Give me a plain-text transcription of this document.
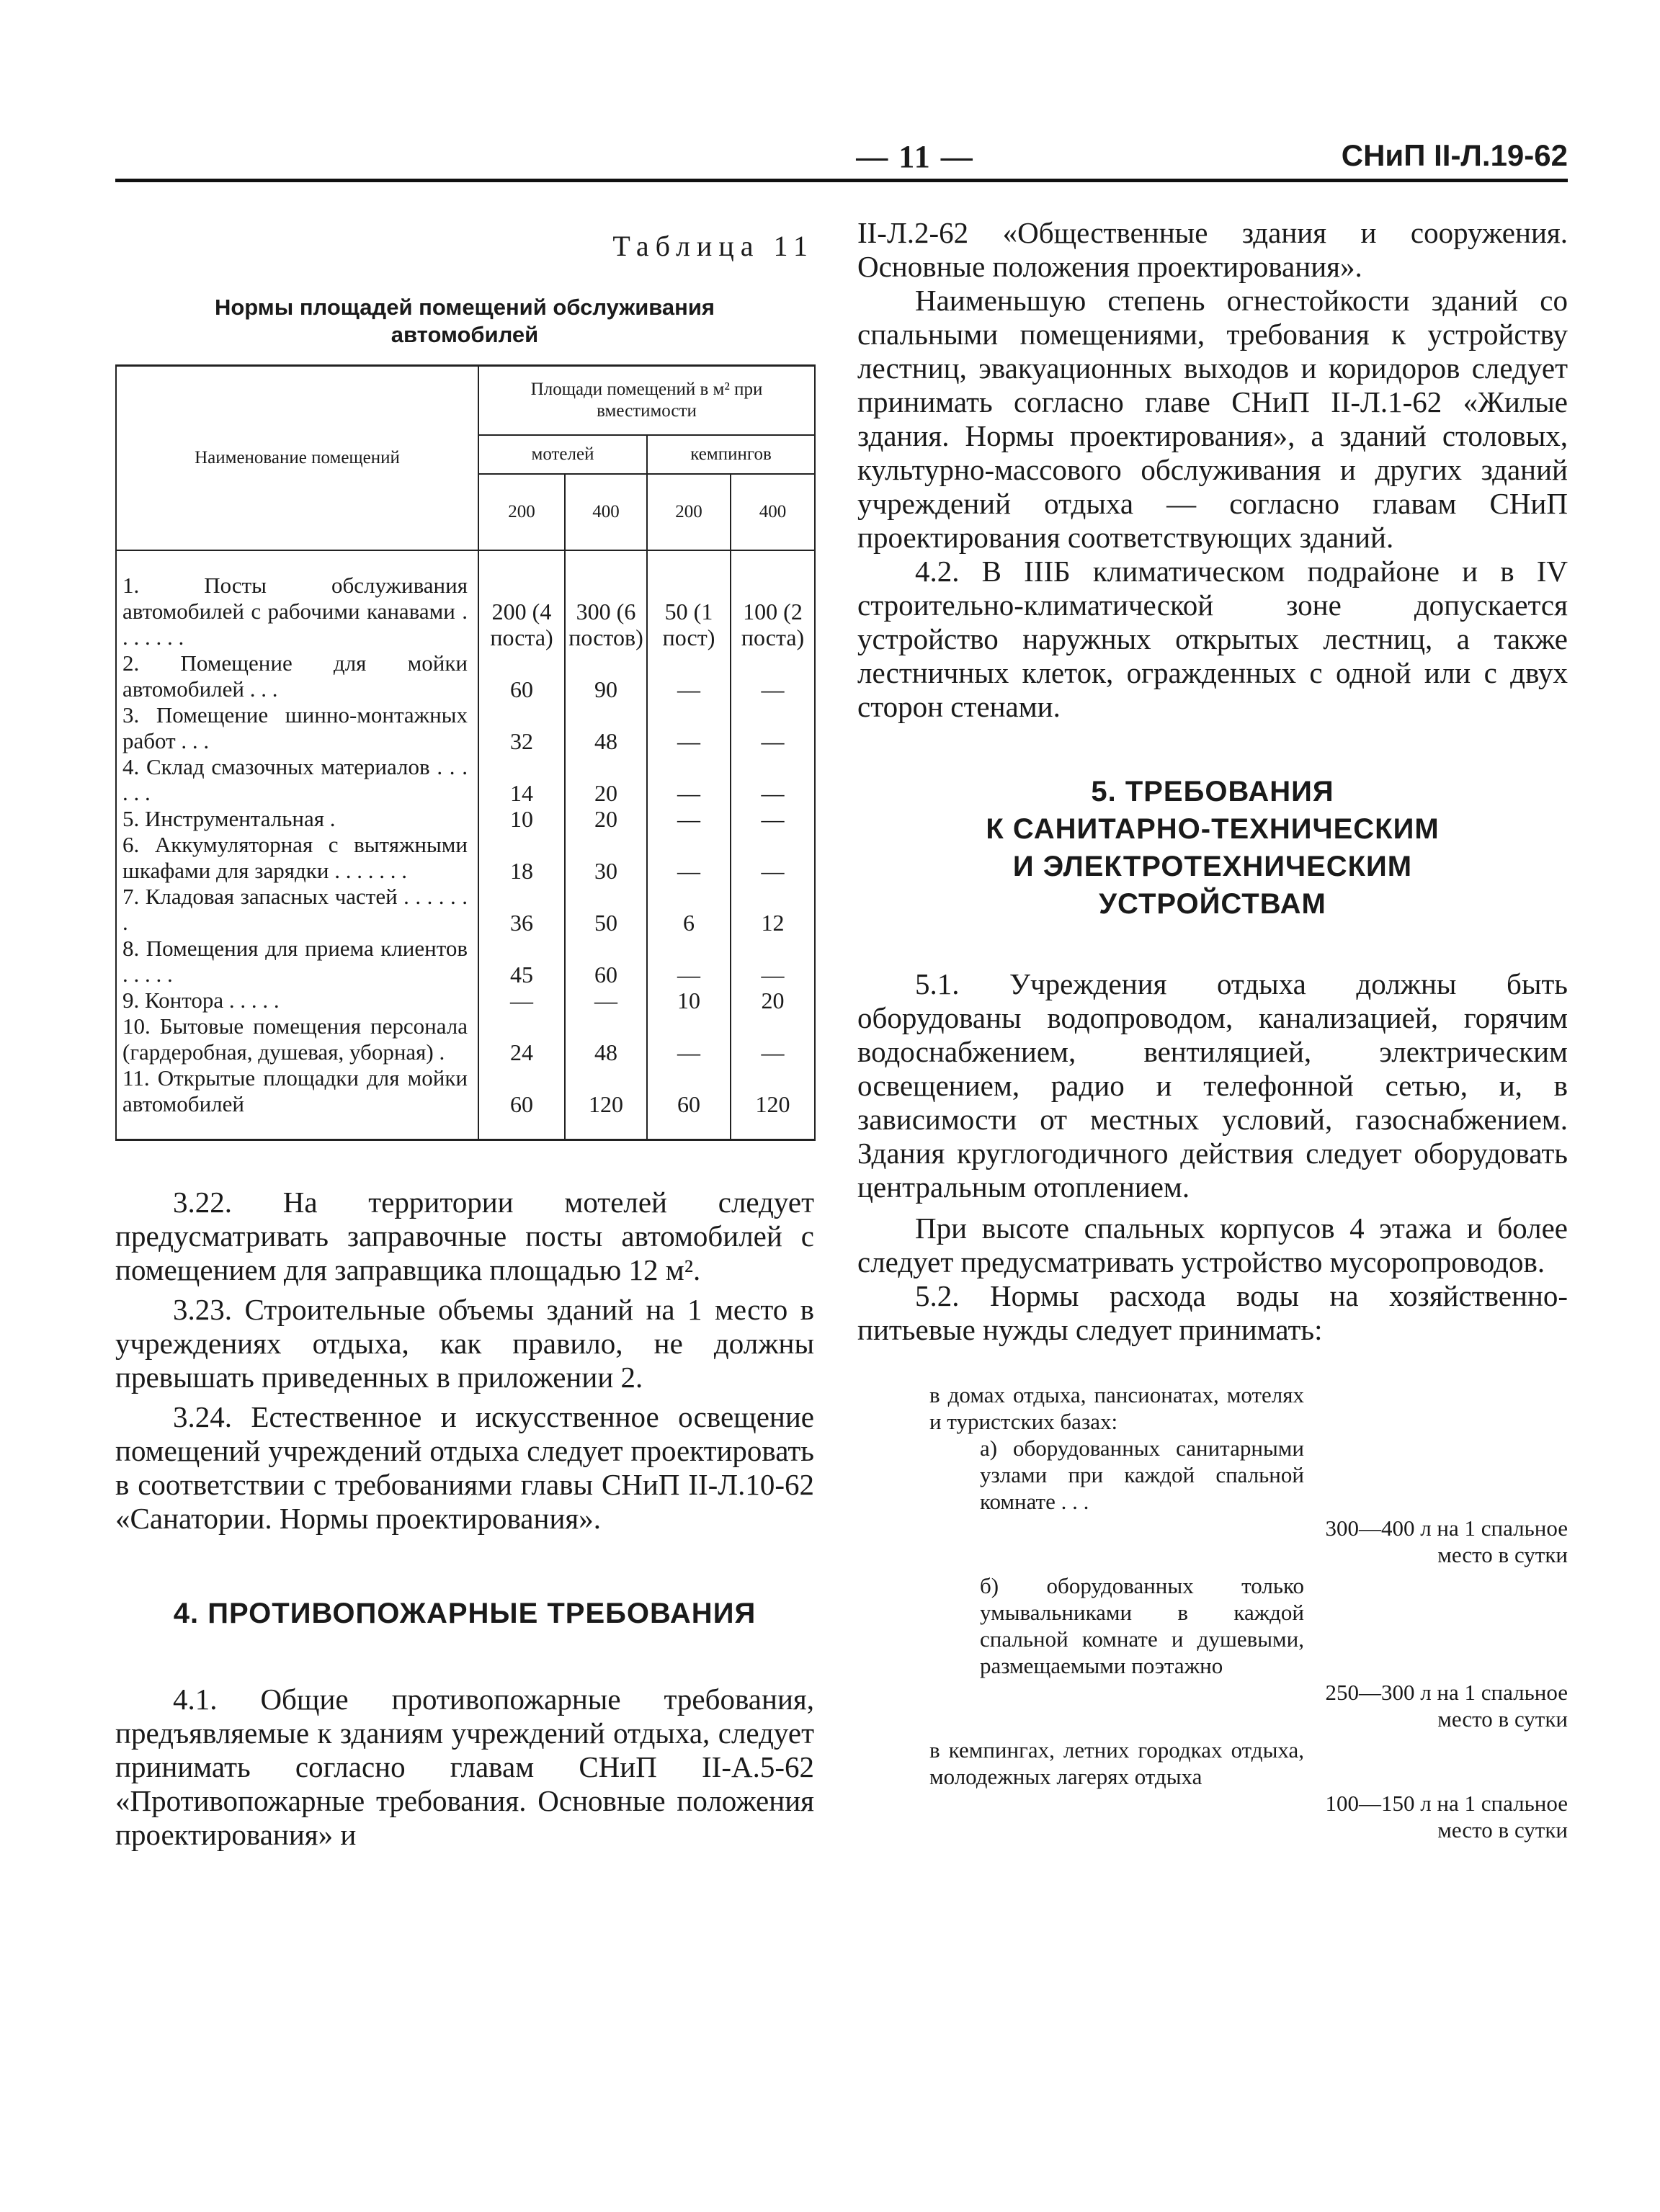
— 11 —	СНиП II-Л.19-62
Таблица 11
Нормы площадей помещений обслуживания автомобилей
Наименование помещений	Площади помещений в м² при вместимости			
	мотелей		кемпингов	
	200	400	200	400
1. Посты обслуживания автомобилей с рабочими канавами . . . . . . .	200 (4 поста)	300 (6 постов)	50 (1 пост)	100 (2 поста)
2. Помещение для мойки автомобилей . . .	60	90	—	—
3. Помещение шинно-монтажных работ . . .	32	48	—	—
4. Склад смазочных материалов . . . . . .	14	20	—	—
5. Инструментальная .	10	20	—	—
6. Аккумуляторная с вытяжными шкафами для зарядки . . . . . . .	18	30	—	—
7. Кладовая запасных частей . . . . . . .	36	50	6	12
8. Помещения для приема клиентов . . . . .	45	60	—	—
9. Контора . . . . .	—	—	10	20
10. Бытовые помещения персонала (гардеробная, душевая, уборная) .	24	48	—	—
11. Открытые площадки для мойки автомобилей	60	120	60	120

3.22. На территории мотелей следует предусматривать заправочные посты автомобилей с помещением для заправщика площадью 12 м².

3.23. Строительные объемы зданий на 1 место в учреждениях отдыха, как правило, не должны превышать приведенных в приложении 2.

3.24. Естественное и искусственное освещение помещений учреждений отдыха следует проектировать в соответствии с требованиями главы СНиП II-Л.10-62 «Санатории. Нормы проектирования».

4. ПРОТИВОПОЖАРНЫЕ ТРЕБОВАНИЯ

4.1. Общие противопожарные требования, предъявляемые к зданиям учреждений отдыха, следует принимать согласно главам СНиП II-А.5-62 «Противопожарные требования. Основные положения проектирования» и

II-Л.2-62 «Общественные здания и сооружения. Основные положения проектирования».

Наименьшую степень огнестойкости зданий со спальными помещениями, требования к устройству лестниц, эвакуационных выходов и коридоров следует принимать согласно главе СНиП II-Л.1-62 «Жилые здания. Нормы проектирования», а зданий столовых, культурно-массового обслуживания и других зданий учреждений отдыха — согласно главам СНиП проектирования соответствующих зданий.

4.2. В IIIБ климатическом подрайоне и в IV строительно-климатической зоне допускается устройство наружных открытых лестниц, а также лестничных клеток, огражденных с одной или с двух сторон стенами.

5. ТРЕБОВАНИЯ
К САНИТАРНО-ТЕХНИЧЕСКИМ
И ЭЛЕКТРОТЕХНИЧЕСКИМ
УСТРОЙСТВАМ

5.1. Учреждения отдыха должны быть оборудованы водопроводом, канализацией, горячим водоснабжением, вентиляцией, электрическим освещением, радио и телефонной сетью, и, в зависимости от местных условий, газоснабжением. Здания круглогодичного действия следует оборудовать центральным отоплением.

При высоте спальных корпусов 4 этажа и более следует предусматривать устройство мусоропроводов.

5.2. Нормы расхода воды на хозяйственно-питьевые нужды следует принимать:

в домах отдыха, пансионатах, мотелях и туристских базах:
а) оборудованных санитарными узлами при каждой спальной комнате . . .
300—400 л на 1 спальное место в сутки
б) оборудованных только умывальниками в каждой спальной комнате и душевыми, размещаемыми поэтажно
250—300 л на 1 спальное место в сутки
в кемпингах, летних городках отдыха, молодежных лагерях отдыха
100—150 л на 1 спальное место в сутки
